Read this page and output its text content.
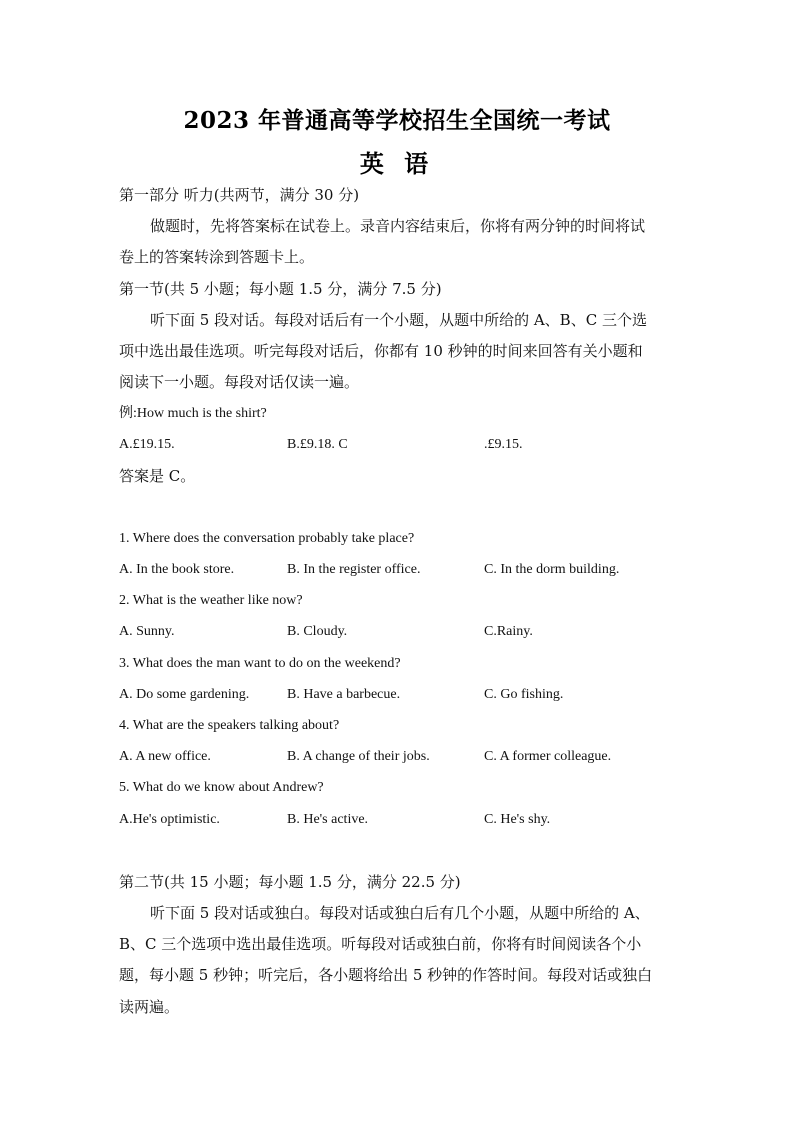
2023 年普通高等学校招生全国统一考试
英 语
第一部分 听力(共两节，满分 30 分)
做题时，先将答案标在试卷上。录音内容结束后，你将有两分钟的时间将试
卷上的答案转涂到答题卡上。
第一节(共 5 小题；每小题 1.5 分，满分 7.5 分)
听下面 5 段对话。每段对话后有一个小题，从题中所给的 A、B、C 三个选
项中选出最佳选项。听完每段对话后，你都有 10 秒钟的时间来回答有关小题和
阅读下一小题。每段对话仅读一遍。
例:How much is the shirt?
A.£19.15.	B.£9.18. C	.£9.15.
答案是 C。
1. Where does the conversation probably take place?
A. In the book store.	B. In the register office.	C. In the dorm building.
2. What is the weather like now?
A. Sunny.	B. Cloudy.	C.Rainy.
3. What does the man want to do on the weekend?
A. Do some gardening.	B. Have a barbecue.	C. Go fishing.
4. What are the speakers talking about?
A. A new office.	B. A change of their jobs.	C. A former colleague.
5. What do we know about Andrew?
A.He's optimistic.	B. He's active.	C. He's shy.
第二节(共 15 小题；每小题 1.5 分，满分 22.5 分)
听下面 5 段对话或独白。每段对话或独白后有几个小题，从题中所给的 A、
B、C 三个选项中选出最佳选项。听每段对话或独白前，你将有时间阅读各个小
题，每小题 5 秒钟；听完后，各小题将给出 5 秒钟的作答时间。每段对话或独白
读两遍。
